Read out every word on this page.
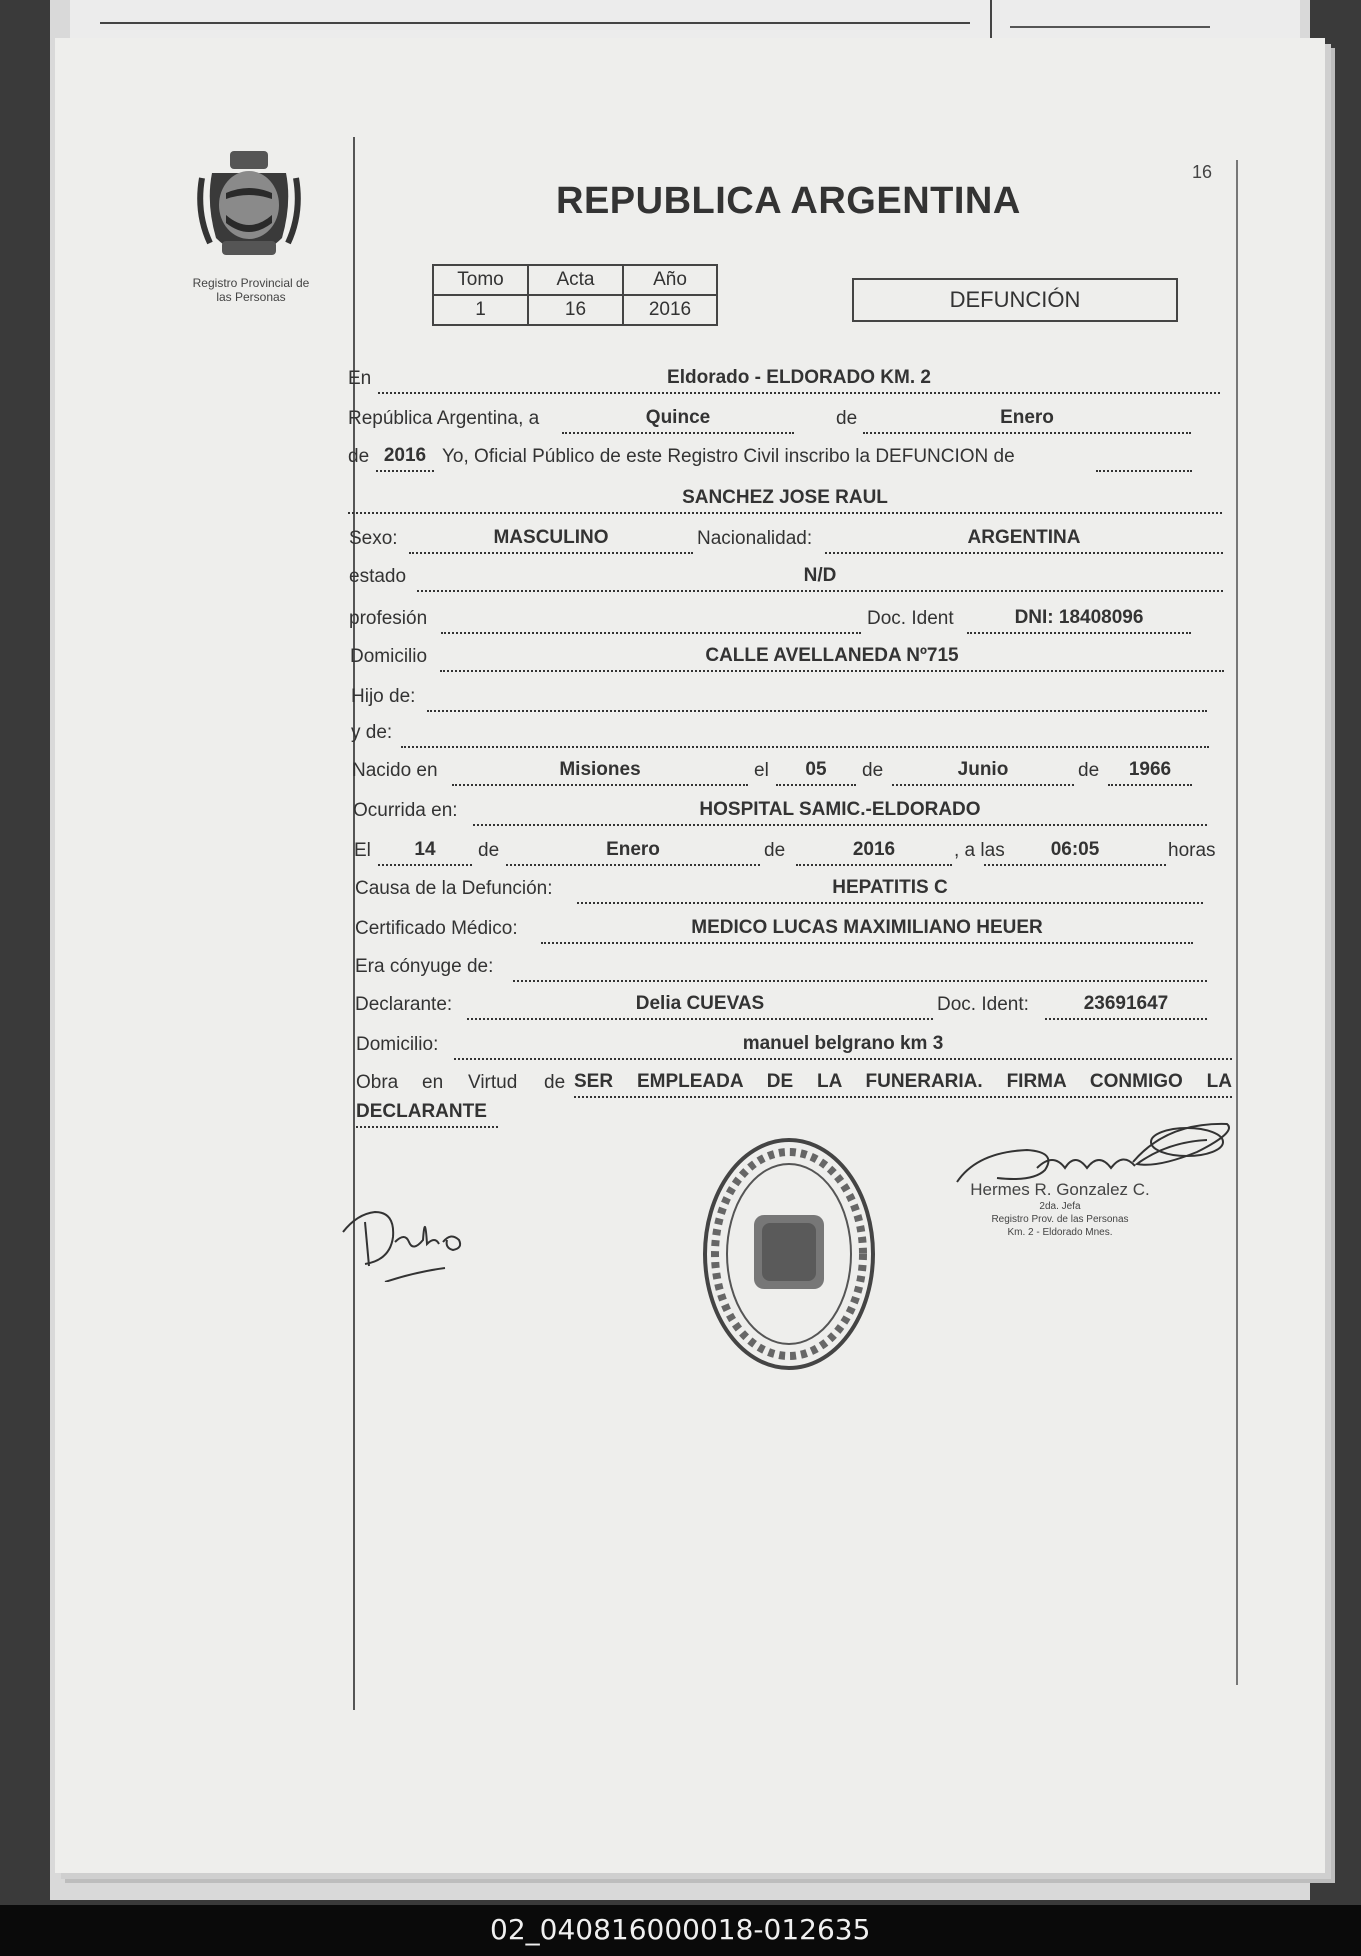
16
Registro Provincial de
las Personas
REPUBLICA ARGENTINA
Tomo	Acta	Año
1	16	2016	DEFUNCIÓN
En	Eldorado - ELDORADO KM. 2
República Argentina, a	Quince	de	Enero
de 2016 Yo, Oficial Público de este Registro Civil inscribo la DEFUNCION de
SANCHEZ JOSE RAUL
Sexo:	MASCULINO	Nacionalidad:	ARGENTINA
estado	N/D
profesión	Doc. Ident	DNI: 18408096
Domicilio	CALLE AVELLANEDA Nº715
Hijo de:
y de:
Nacido en	Misiones	el	05	de	Junio	de	1966
Ocurrida en:	HOSPITAL SAMIC.-ELDORADO
El	14	de	Enero	de	2016	, a las	06:05	horas
Causa de la Defunción:	HEPATITIS C
Certificado Médico:	MEDICO LUCAS MAXIMILIANO HEUER
Era cónyuge de:
Declarante:	Delia CUEVAS	Doc. Ident:	23691647
Domicilio:	manuel belgrano km 3
Obra en Virtud de SER EMPLEADA DE LA FUNERARIA. FIRMA CONMIGO LA
DECLARANTE
Hermes R. Gonzalez C.
2da. Jefa
Registro Prov. de las Personas
Km. 2 - Eldorado Mnes.
02_040816000018-012635
